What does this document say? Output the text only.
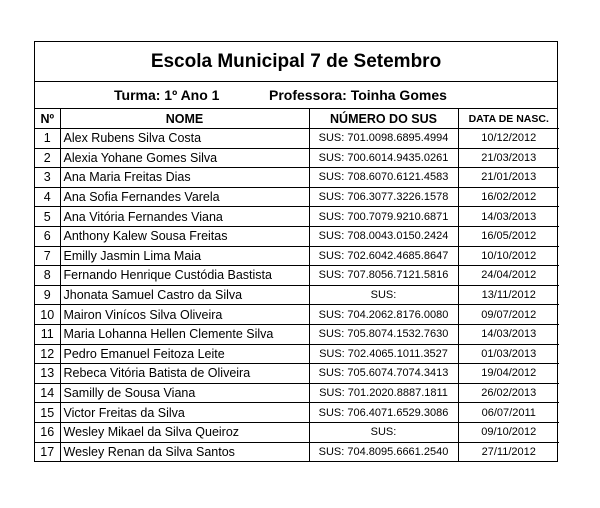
Escola Municipal 7 de Setembro
Turma: 1º Ano 1	Professora: Toinha Gomes
Nº	NOME	NÚMERO DO SUS	DATA DE NASC.
1	Alex Rubens Silva Costa	SUS: 701.0098.6895.4994	10/12/2012
2	Alexia Yohane Gomes Silva	SUS: 700.6014.9435.0261	21/03/2013
3	Ana Maria Freitas Dias	SUS: 708.6070.6121.4583	21/01/2013
4	Ana Sofia Fernandes Varela	SUS: 706.3077.3226.1578	16/02/2012
5	Ana Vitória Fernandes Viana	SUS: 700.7079.9210.6871	14/03/2013
6	Anthony Kalew Sousa Freitas	SUS: 708.0043.0150.2424	16/05/2012
7	Emilly Jasmin Lima Maia	SUS: 702.6042.4685.8647	10/10/2012
8	Fernando Henrique Custódia Bastista	SUS: 707.8056.7121.5816	24/04/2012
9	Jhonata Samuel Castro da Silva	SUS:	13/11/2012
10	Mairon Vinícos Silva Oliveira	SUS: 704.2062.8176.0080	09/07/2012
11	Maria Lohanna Hellen Clemente Silva	SUS: 705.8074.1532.7630	14/03/2013
12	Pedro Emanuel Feitoza Leite	SUS: 702.4065.1011.3527	01/03/2013
13	Rebeca Vitória Batista de Oliveira	SUS: 705.6074.7074.3413	19/04/2012
14	Samilly de Sousa Viana	SUS: 701.2020.8887.1811	26/02/2013
15	Victor Freitas da Silva	SUS: 706.4071.6529.3086	06/07/2011
16	Wesley Mikael da Silva Queiroz	SUS:	09/10/2012
17	Wesley Renan da Silva Santos	SUS: 704.8095.6661.2540	27/11/2012
